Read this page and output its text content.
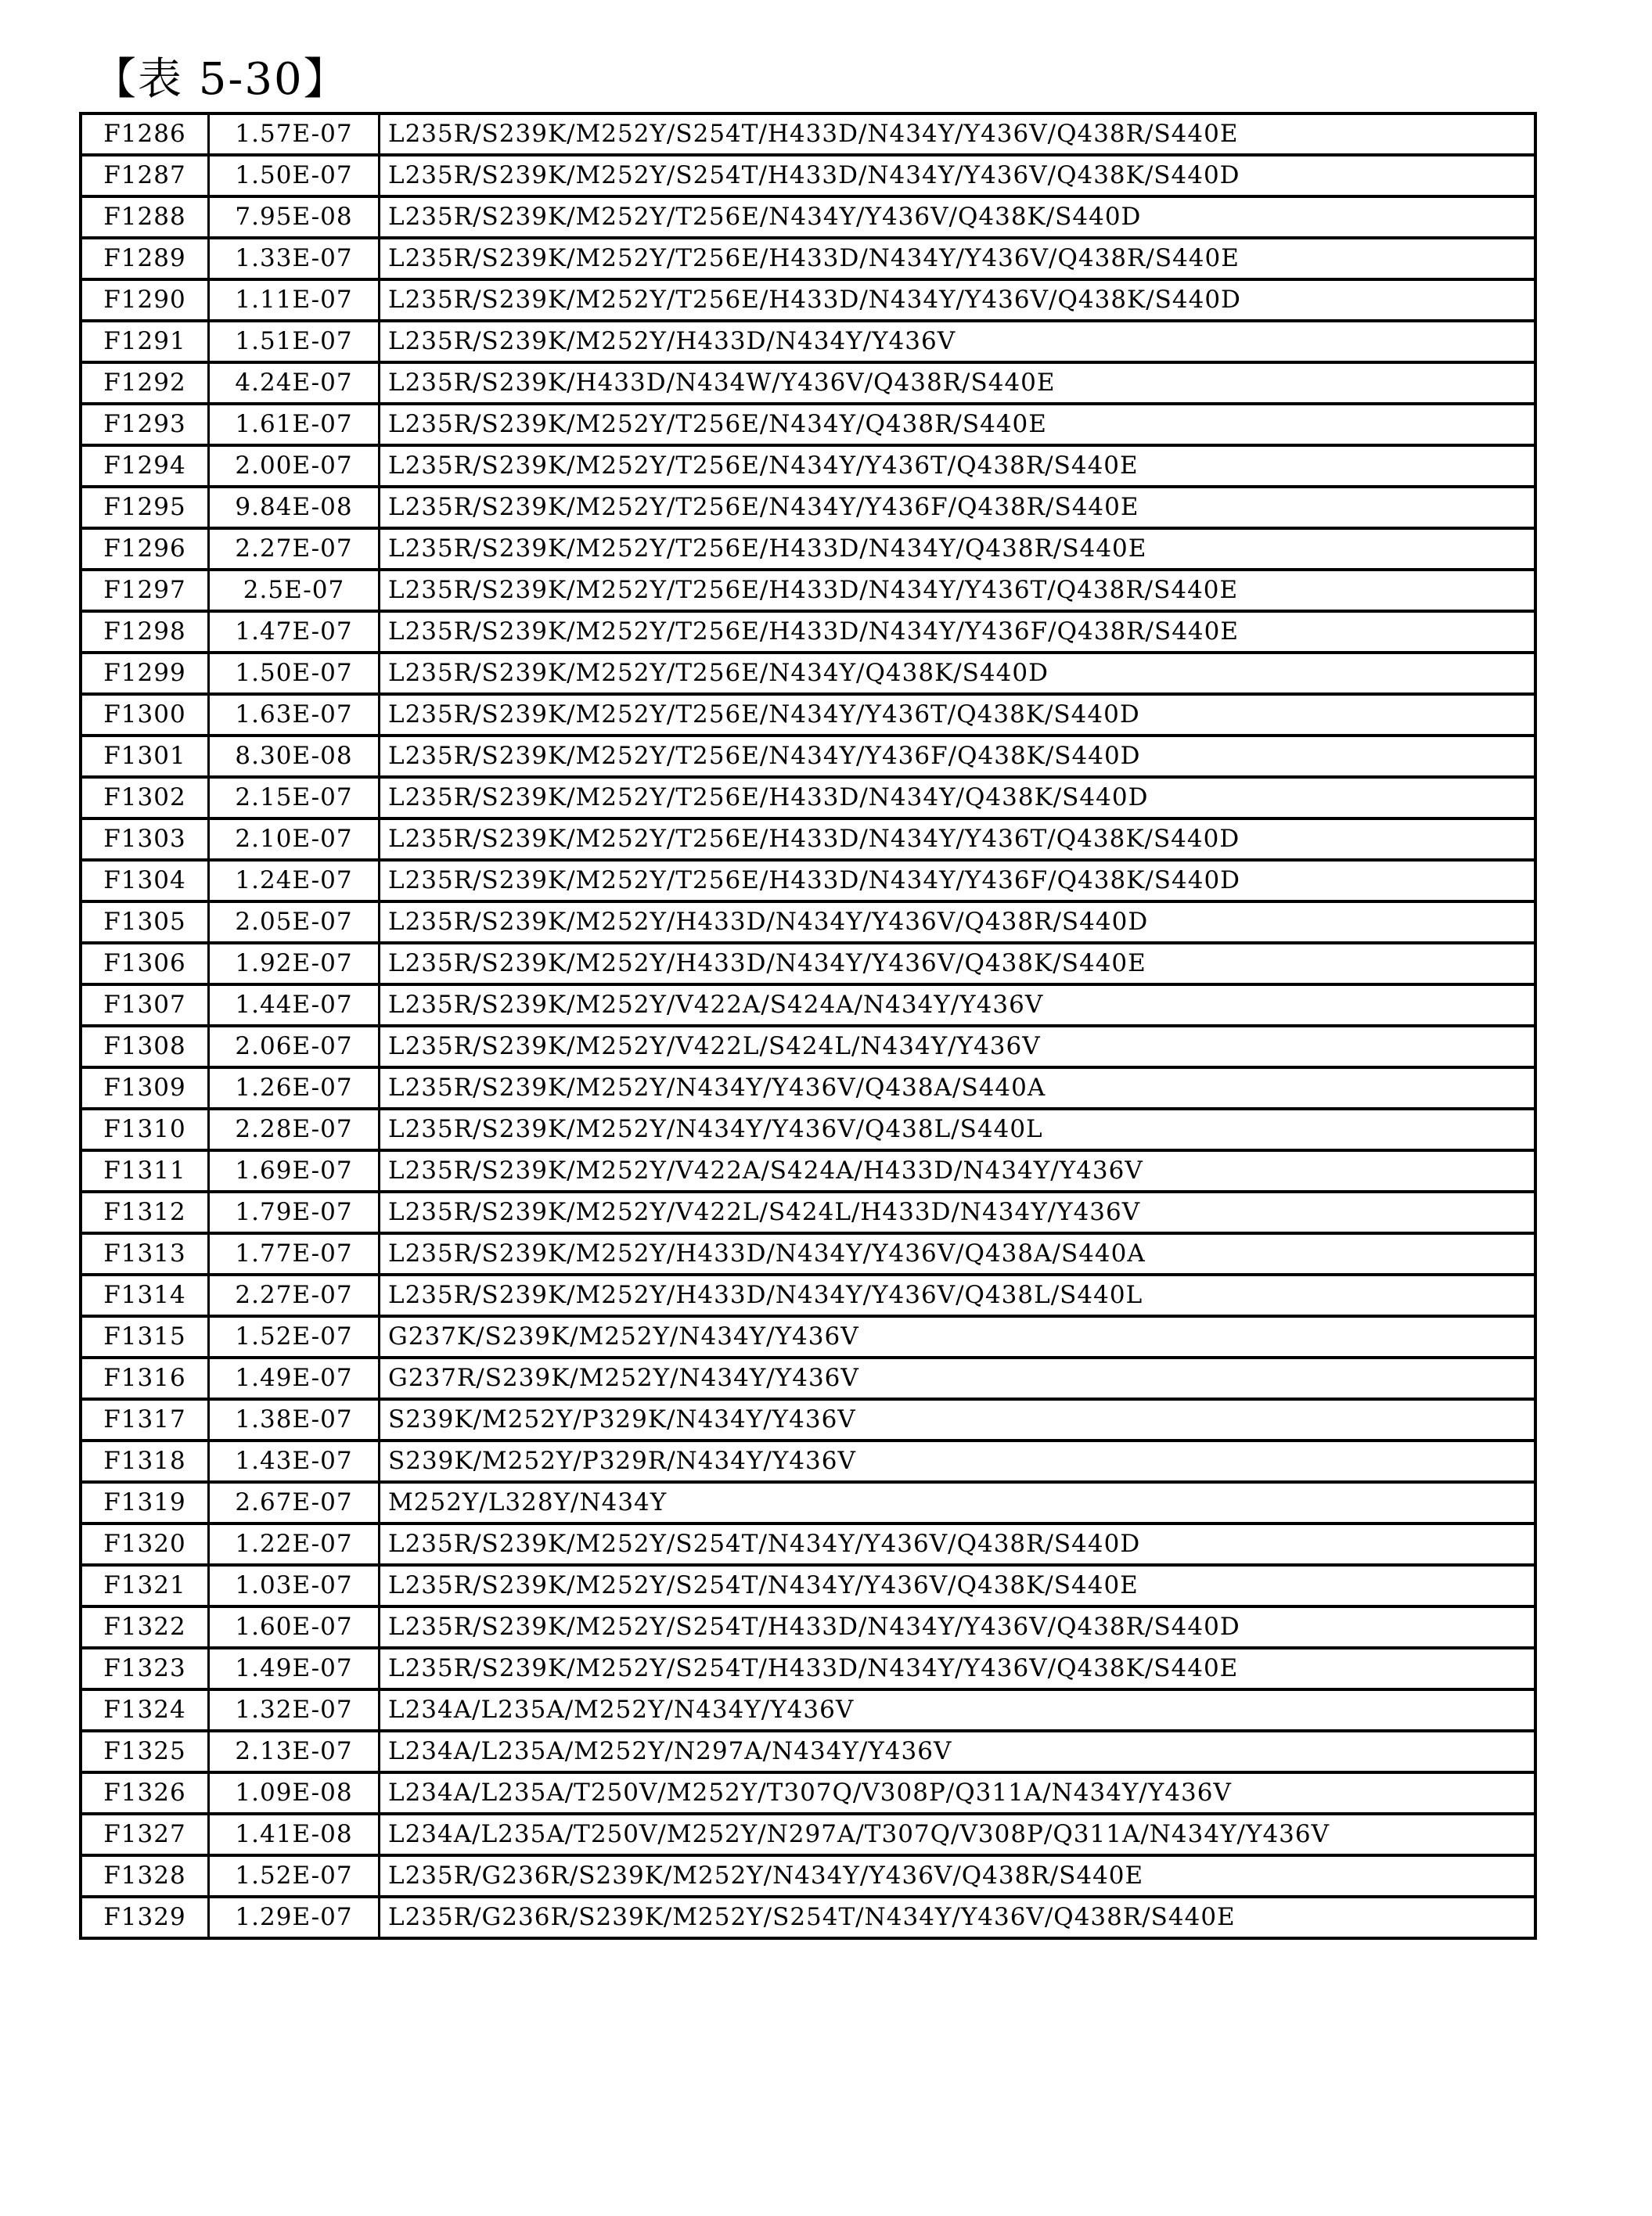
【表 5-30】
F1286	1.57E-07	L235R/S239K/M252Y/S254T/H433D/N434Y/Y436V/Q438R/S440E
F1287	1.50E-07	L235R/S239K/M252Y/S254T/H433D/N434Y/Y436V/Q438K/S440D
F1288	7.95E-08	L235R/S239K/M252Y/T256E/N434Y/Y436V/Q438K/S440D
F1289	1.33E-07	L235R/S239K/M252Y/T256E/H433D/N434Y/Y436V/Q438R/S440E
F1290	1.11E-07	L235R/S239K/M252Y/T256E/H433D/N434Y/Y436V/Q438K/S440D
F1291	1.51E-07	L235R/S239K/M252Y/H433D/N434Y/Y436V
F1292	4.24E-07	L235R/S239K/H433D/N434W/Y436V/Q438R/S440E
F1293	1.61E-07	L235R/S239K/M252Y/T256E/N434Y/Q438R/S440E
F1294	2.00E-07	L235R/S239K/M252Y/T256E/N434Y/Y436T/Q438R/S440E
F1295	9.84E-08	L235R/S239K/M252Y/T256E/N434Y/Y436F/Q438R/S440E
F1296	2.27E-07	L235R/S239K/M252Y/T256E/H433D/N434Y/Q438R/S440E
F1297	2.5E-07	L235R/S239K/M252Y/T256E/H433D/N434Y/Y436T/Q438R/S440E
F1298	1.47E-07	L235R/S239K/M252Y/T256E/H433D/N434Y/Y436F/Q438R/S440E
F1299	1.50E-07	L235R/S239K/M252Y/T256E/N434Y/Q438K/S440D
F1300	1.63E-07	L235R/S239K/M252Y/T256E/N434Y/Y436T/Q438K/S440D
F1301	8.30E-08	L235R/S239K/M252Y/T256E/N434Y/Y436F/Q438K/S440D
F1302	2.15E-07	L235R/S239K/M252Y/T256E/H433D/N434Y/Q438K/S440D
F1303	2.10E-07	L235R/S239K/M252Y/T256E/H433D/N434Y/Y436T/Q438K/S440D
F1304	1.24E-07	L235R/S239K/M252Y/T256E/H433D/N434Y/Y436F/Q438K/S440D
F1305	2.05E-07	L235R/S239K/M252Y/H433D/N434Y/Y436V/Q438R/S440D
F1306	1.92E-07	L235R/S239K/M252Y/H433D/N434Y/Y436V/Q438K/S440E
F1307	1.44E-07	L235R/S239K/M252Y/V422A/S424A/N434Y/Y436V
F1308	2.06E-07	L235R/S239K/M252Y/V422L/S424L/N434Y/Y436V
F1309	1.26E-07	L235R/S239K/M252Y/N434Y/Y436V/Q438A/S440A
F1310	2.28E-07	L235R/S239K/M252Y/N434Y/Y436V/Q438L/S440L
F1311	1.69E-07	L235R/S239K/M252Y/V422A/S424A/H433D/N434Y/Y436V
F1312	1.79E-07	L235R/S239K/M252Y/V422L/S424L/H433D/N434Y/Y436V
F1313	1.77E-07	L235R/S239K/M252Y/H433D/N434Y/Y436V/Q438A/S440A
F1314	2.27E-07	L235R/S239K/M252Y/H433D/N434Y/Y436V/Q438L/S440L
F1315	1.52E-07	G237K/S239K/M252Y/N434Y/Y436V
F1316	1.49E-07	G237R/S239K/M252Y/N434Y/Y436V
F1317	1.38E-07	S239K/M252Y/P329K/N434Y/Y436V
F1318	1.43E-07	S239K/M252Y/P329R/N434Y/Y436V
F1319	2.67E-07	M252Y/L328Y/N434Y
F1320	1.22E-07	L235R/S239K/M252Y/S254T/N434Y/Y436V/Q438R/S440D
F1321	1.03E-07	L235R/S239K/M252Y/S254T/N434Y/Y436V/Q438K/S440E
F1322	1.60E-07	L235R/S239K/M252Y/S254T/H433D/N434Y/Y436V/Q438R/S440D
F1323	1.49E-07	L235R/S239K/M252Y/S254T/H433D/N434Y/Y436V/Q438K/S440E
F1324	1.32E-07	L234A/L235A/M252Y/N434Y/Y436V
F1325	2.13E-07	L234A/L235A/M252Y/N297A/N434Y/Y436V
F1326	1.09E-08	L234A/L235A/T250V/M252Y/T307Q/V308P/Q311A/N434Y/Y436V
F1327	1.41E-08	L234A/L235A/T250V/M252Y/N297A/T307Q/V308P/Q311A/N434Y/Y436V
F1328	1.52E-07	L235R/G236R/S239K/M252Y/N434Y/Y436V/Q438R/S440E
F1329	1.29E-07	L235R/G236R/S239K/M252Y/S254T/N434Y/Y436V/Q438R/S440E
